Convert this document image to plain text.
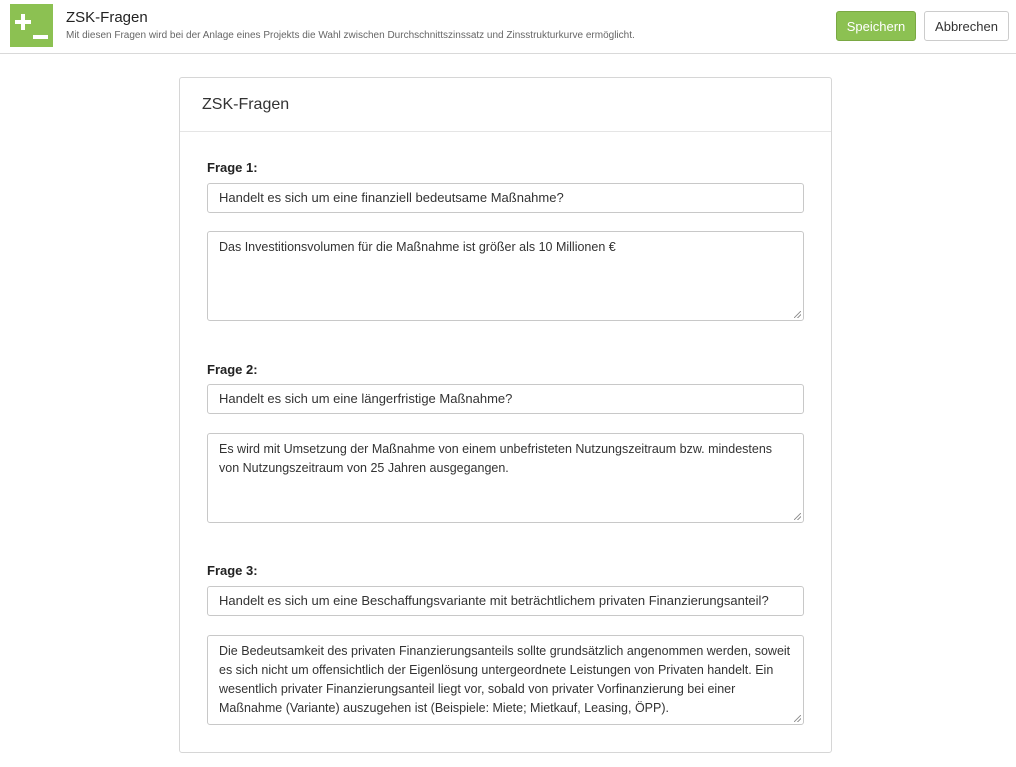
ZSK-Fragen
Mit diesen Fragen wird bei der Anlage eines Projekts die Wahl zwischen Durchschnittszinssatz und Zinsstrukturkurve ermöglicht.
Speichern	Abbrechen
ZSK-Fragen
Frage 1:
Handelt es sich um eine finanziell bedeutsame Maßnahme?
Das Investitionsvolumen für die Maßnahme ist größer als 10 Millionen €
Frage 2:
Handelt es sich um eine längerfristige Maßnahme?
Es wird mit Umsetzung der Maßnahme von einem unbefristeten Nutzungszeitraum bzw. mindestens von Nutzungszeitraum von 25 Jahren ausgegangen.
Frage 3:
Handelt es sich um eine Beschaffungsvariante mit beträchtlichem privaten Finanzierungsanteil?
Die Bedeutsamkeit des privaten Finanzierungsanteils sollte grundsätzlich angenommen werden, soweit es sich nicht um offensichtlich der Eigenlösung untergeordnete Leistungen von Privaten handelt. Ein wesentlich privater Finanzierungsanteil liegt vor, sobald von privater Vorfinanzierung bei einer Maßnahme (Variante) auszugehen ist (Beispiele: Miete; Mietkauf, Leasing, ÖPP).
